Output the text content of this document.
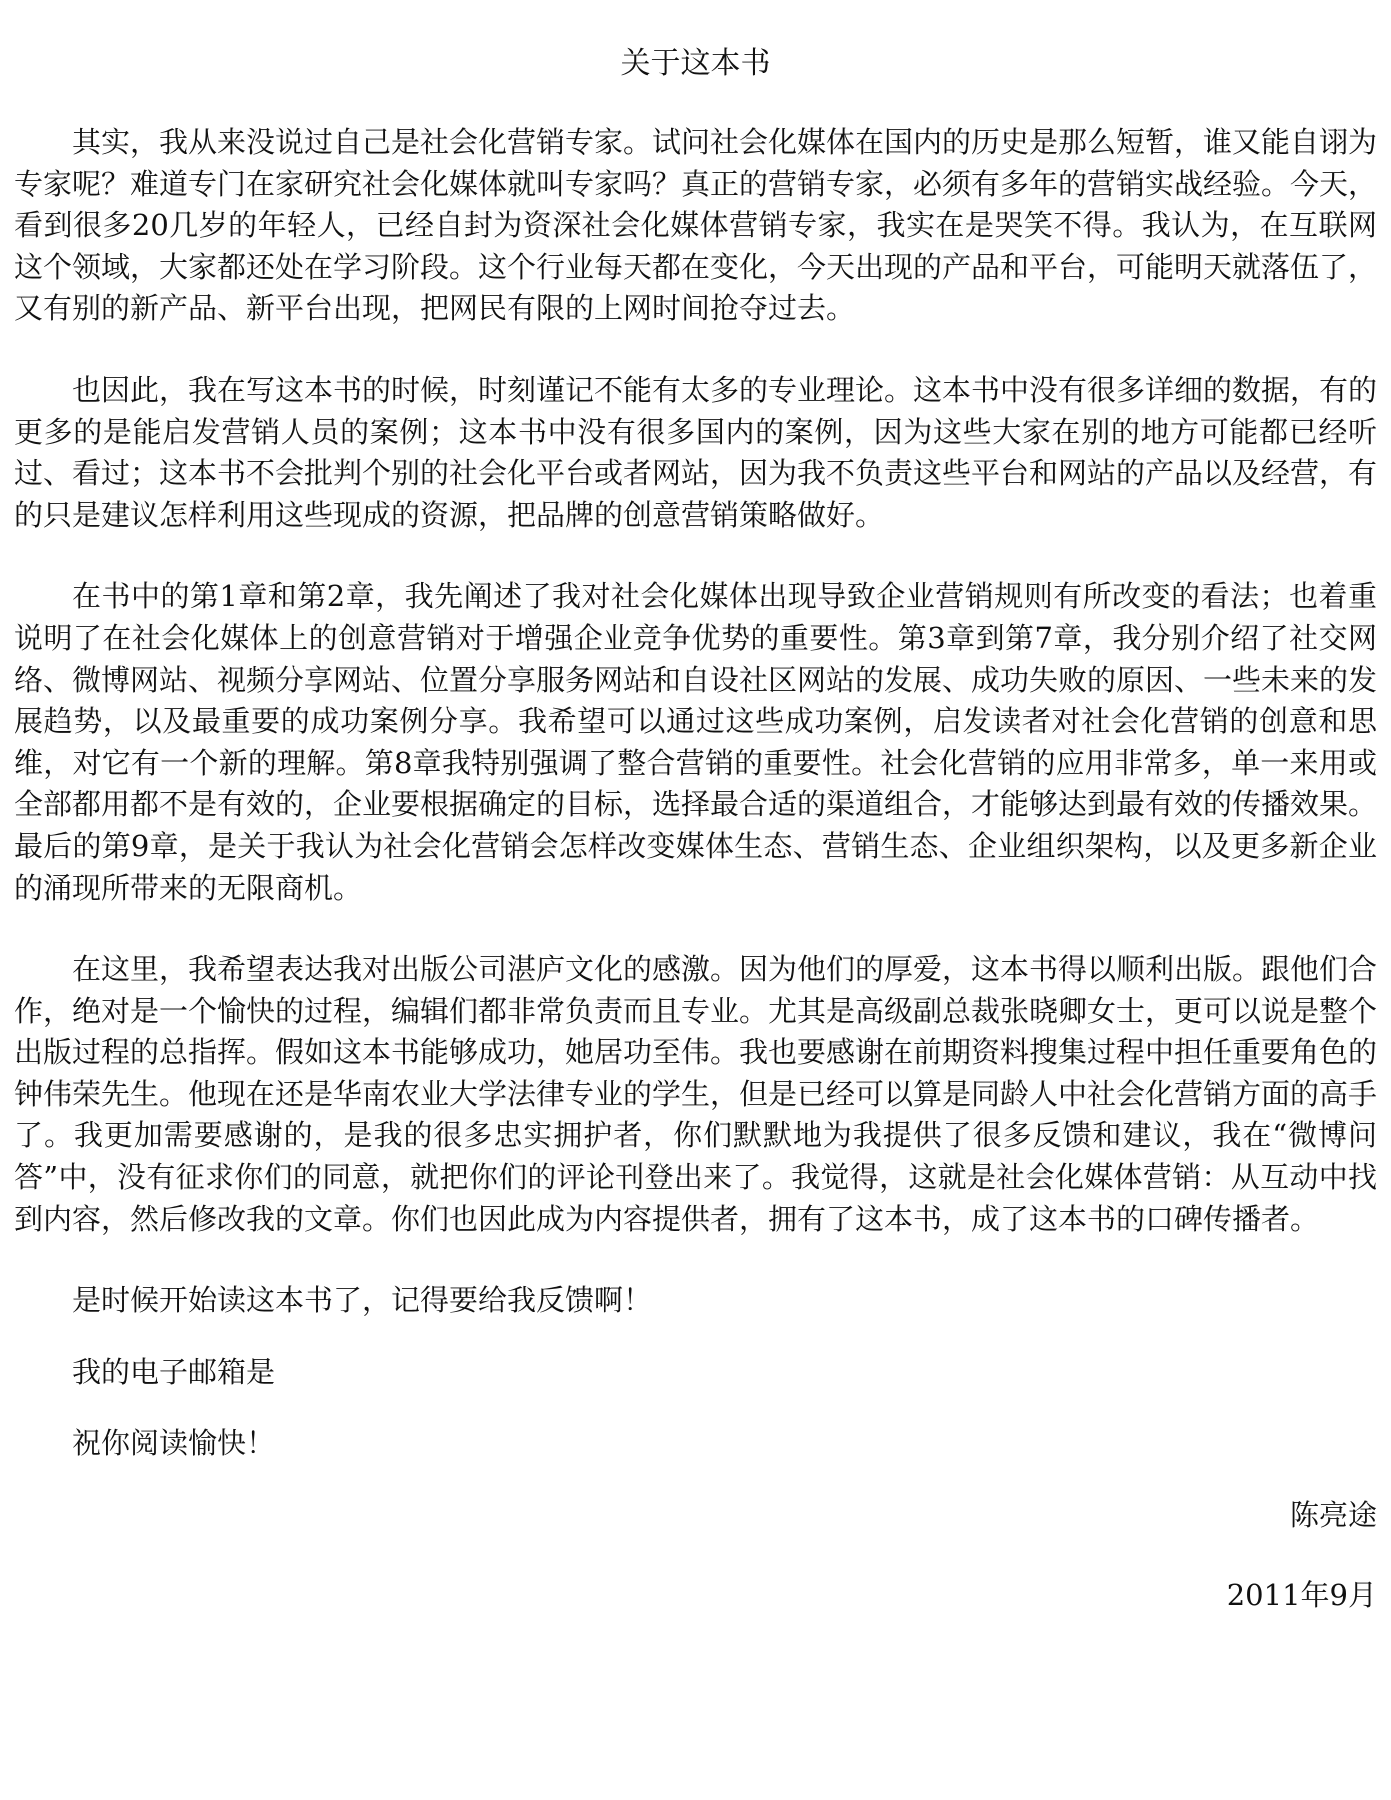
关于这本书

其实，我从来没说过自己是社会化营销专家。试问社会化媒体在国内的历史是那么短暂，谁又能自诩为专家呢？难道专门在家研究社会化媒体就叫专家吗？真正的营销专家，必须有多年的营销实战经验。今天，看到很多20几岁的年轻人，已经自封为资深社会化媒体营销专家，我实在是哭笑不得。我认为，在互联网这个领域，大家都还处在学习阶段。这个行业每天都在变化，今天出现的产品和平台，可能明天就落伍了，又有别的新产品、新平台出现，把网民有限的上网时间抢夺过去。

也因此，我在写这本书的时候，时刻谨记不能有太多的专业理论。这本书中没有很多详细的数据，有的更多的是能启发营销人员的案例；这本书中没有很多国内的案例，因为这些大家在别的地方可能都已经听过、看过；这本书不会批判个别的社会化平台或者网站，因为我不负责这些平台和网站的产品以及经营，有的只是建议怎样利用这些现成的资源，把品牌的创意营销策略做好。

在书中的第1章和第2章，我先阐述了我对社会化媒体出现导致企业营销规则有所改变的看法；也着重说明了在社会化媒体上的创意营销对于增强企业竞争优势的重要性。第3章到第7章，我分别介绍了社交网络、微博网站、视频分享网站、位置分享服务网站和自设社区网站的发展、成功失败的原因、一些未来的发展趋势，以及最重要的成功案例分享。我希望可以通过这些成功案例，启发读者对社会化营销的创意和思维，对它有一个新的理解。第8章我特别强调了整合营销的重要性。社会化营销的应用非常多，单一来用或全部都用都不是有效的，企业要根据确定的目标，选择最合适的渠道组合，才能够达到最有效的传播效果。最后的第9章，是关于我认为社会化营销会怎样改变媒体生态、营销生态、企业组织架构，以及更多新企业的涌现所带来的无限商机。

在这里，我希望表达我对出版公司湛庐文化的感激。因为他们的厚爱，这本书得以顺利出版。跟他们合作，绝对是一个愉快的过程，编辑们都非常负责而且专业。尤其是高级副总裁张晓卿女士，更可以说是整个出版过程的总指挥。假如这本书能够成功，她居功至伟。我也要感谢在前期资料搜集过程中担任重要角色的钟伟荣先生。他现在还是华南农业大学法律专业的学生，但是已经可以算是同龄人中社会化营销方面的高手了。我更加需要感谢的，是我的很多忠实拥护者，你们默默地为我提供了很多反馈和建议，我在“微博问答”中，没有征求你们的同意，就把你们的评论刊登出来了。我觉得，这就是社会化媒体营销：从互动中找到内容，然后修改我的文章。你们也因此成为内容提供者，拥有了这本书，成了这本书的口碑传播者。

是时候开始读这本书了，记得要给我反馈啊！

我的电子邮箱是

祝你阅读愉快！

陈亮途

2011年9月
